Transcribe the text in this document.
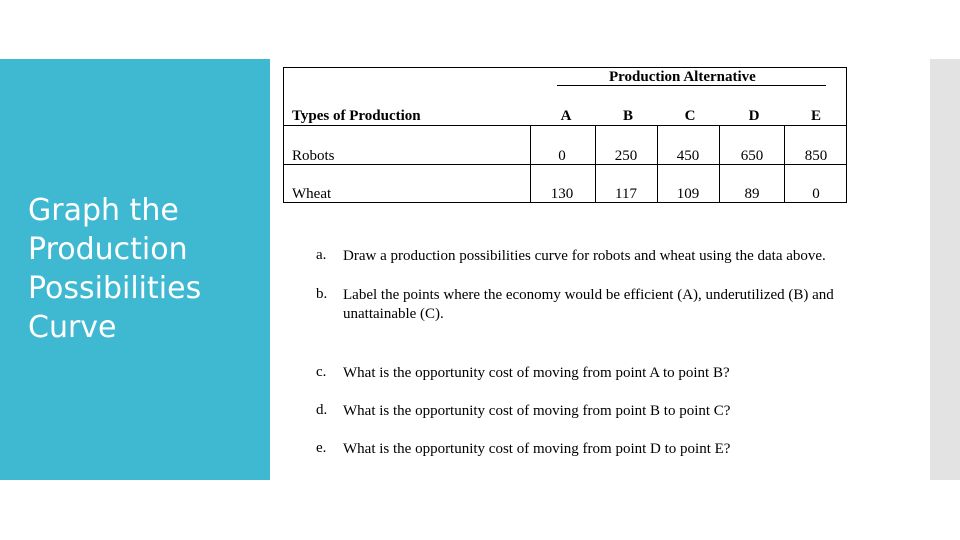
Graph the
Production
Possibilities
Curve
Production Alternative
Types of Production	A	B	C	D	E
Robots	0	250	450	650	850
Wheat	130	117	109	89	0
a. Draw a production possibilities curve for robots and wheat using the data above.
b. Label the points where the economy would be efficient (A), underutilized (B) and unattainable (C).
c. What is the opportunity cost of moving from point A to point B?
d. What is the opportunity cost of moving from point B to point C?
e. What is the opportunity cost of moving from point D to point E?
